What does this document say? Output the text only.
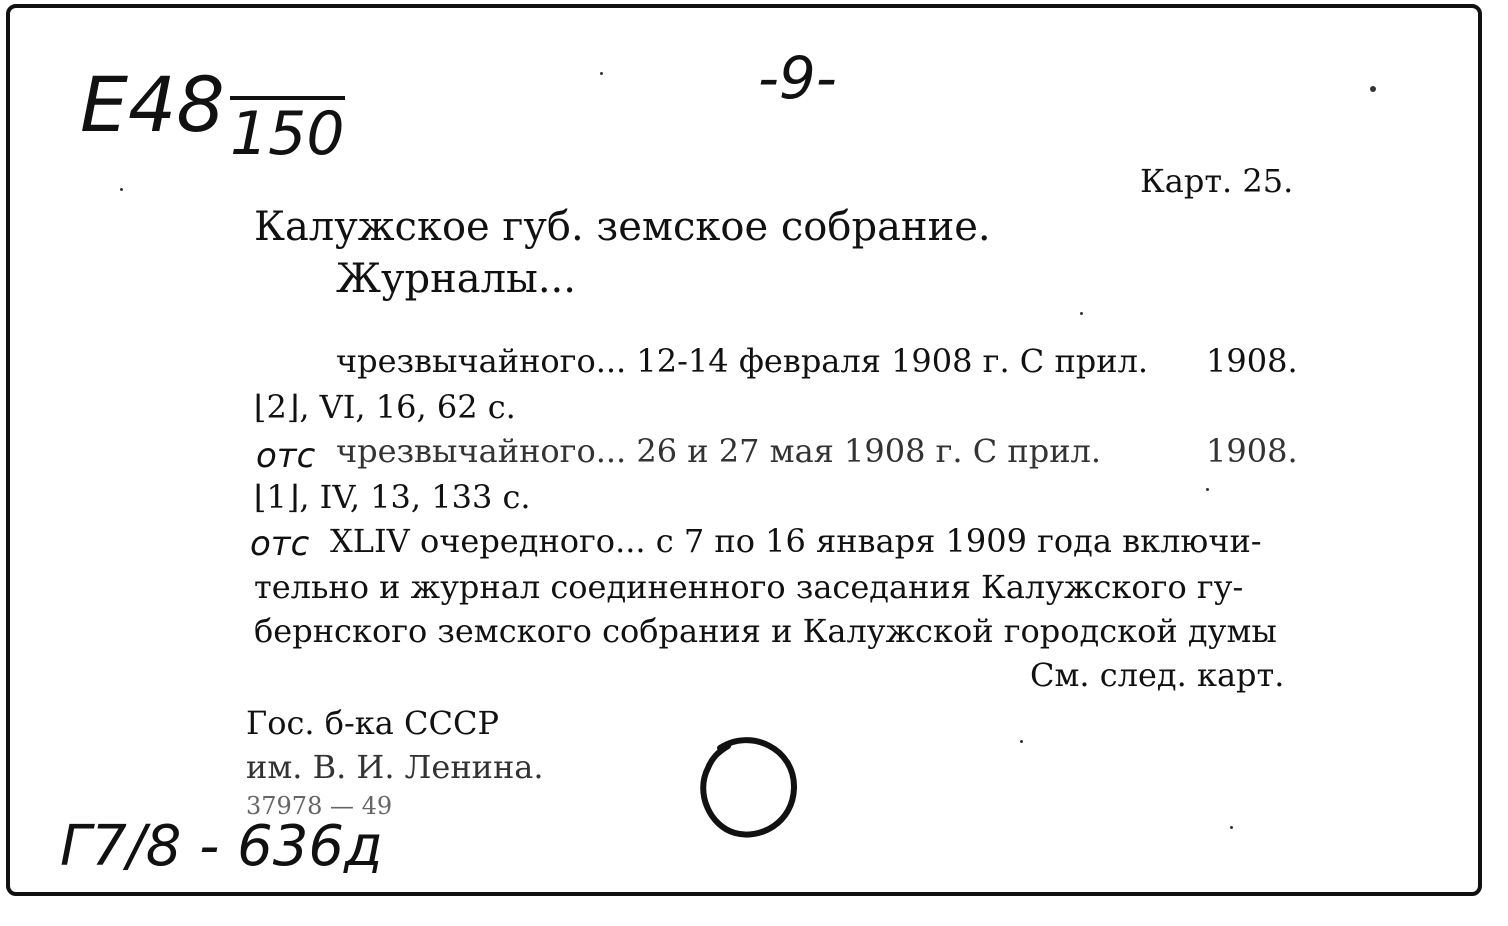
E48 150
-9-
Карт. 25.
Калужское губ. земское собрание.
Журналы...
чрезвычайного... 12-14 февраля 1908 г. С прил. 1908.
⌊2⌋, VI, 16, 62 с.
отс чрезвычайного... 26 и 27 мая 1908 г. С прил.	1908.
⌊1⌋, IV, 13, 133 с.
отс XLIV очередного... с 7 по 16 января 1909 года включи-
тельно и журнал соединенного заседания Калужского гу-
бернского земского собрания и Калужской городской думы
См. след. карт.
Гос. б-ка СССР
им. В. И. Ленина.
37978 — 49
Г7/8 - 636д
